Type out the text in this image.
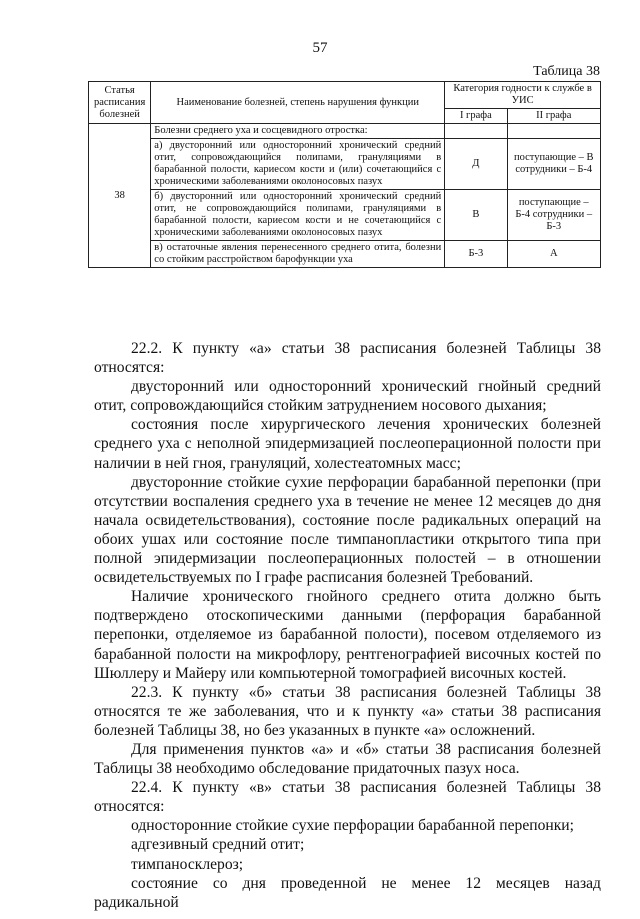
57
Таблица 38
Статья расписания болезней	Наименование болезней, степень нарушения функции	Категория годности к службе в УИС	
		I графа	II графа
38	Болезни среднего уха и сосцевидного отростка:		
	а) двусторонний или односторонний хронический средний отит, сопровождающийся полипами, грануляциями в барабанной полости, кариесом кости и (или) сочетающийся с хроническими заболеваниями околоносовых пазух	Д	поступающие – В сотрудники – Б-4
	б) двусторонний или односторонний хронический средний отит, не сопровождающийся полипами, грануляциями в барабанной полости, кариесом кости и не сочетающийся с хроническими заболеваниями околоносовых пазух	В	поступающие – Б-4 сотрудники – Б-3
	в) остаточные явления перенесенного среднего отита, болезни со стойким расстройством барофункции уха	Б-3	А

22.2. К пункту «а» статьи 38 расписания болезней Таблицы 38 относятся:

двусторонний или односторонний хронический гнойный средний отит, сопровождающийся стойким затруднением носового дыхания;

состояния после хирургического лечения хронических болезней среднего уха с неполной эпидермизацией послеоперационной полости при наличии в ней гноя, грануляций, холестеатомных масс;

двусторонние стойкие сухие перфорации барабанной перепонки (при отсутствии воспаления среднего уха в течение не менее 12 месяцев до дня начала освидетельствования), состояние после радикальных операций на обоих ушах или состояние после тимпанопластики открытого типа при полной эпидермизации послеоперационных полостей – в отношении освидетельствуемых по I графе расписания болезней Требований.

Наличие хронического гнойного среднего отита должно быть подтверждено отоскопическими данными (перфорация барабанной перепонки, отделяемое из барабанной полости), посевом отделяемого из барабанной полости на микрофлору, рентгенографией височных костей по Шюллеру и Майеру или компьютерной томографией височных костей.

22.3. К пункту «б» статьи 38 расписания болезней Таблицы 38 относятся те же заболевания, что и к пункту «а» статьи 38 расписания болезней Таблицы 38, но без указанных в пункте «а» осложнений.

Для применения пунктов «а» и «б» статьи 38 расписания болезней Таблицы 38 необходимо обследование придаточных пазух носа.

22.4. К пункту «в» статьи 38 расписания болезней Таблицы 38 относятся:

односторонние стойкие сухие перфорации барабанной перепонки;

адгезивный средний отит;

тимпаносклероз;

состояние со дня проведенной не менее 12 месяцев назад радикальной
